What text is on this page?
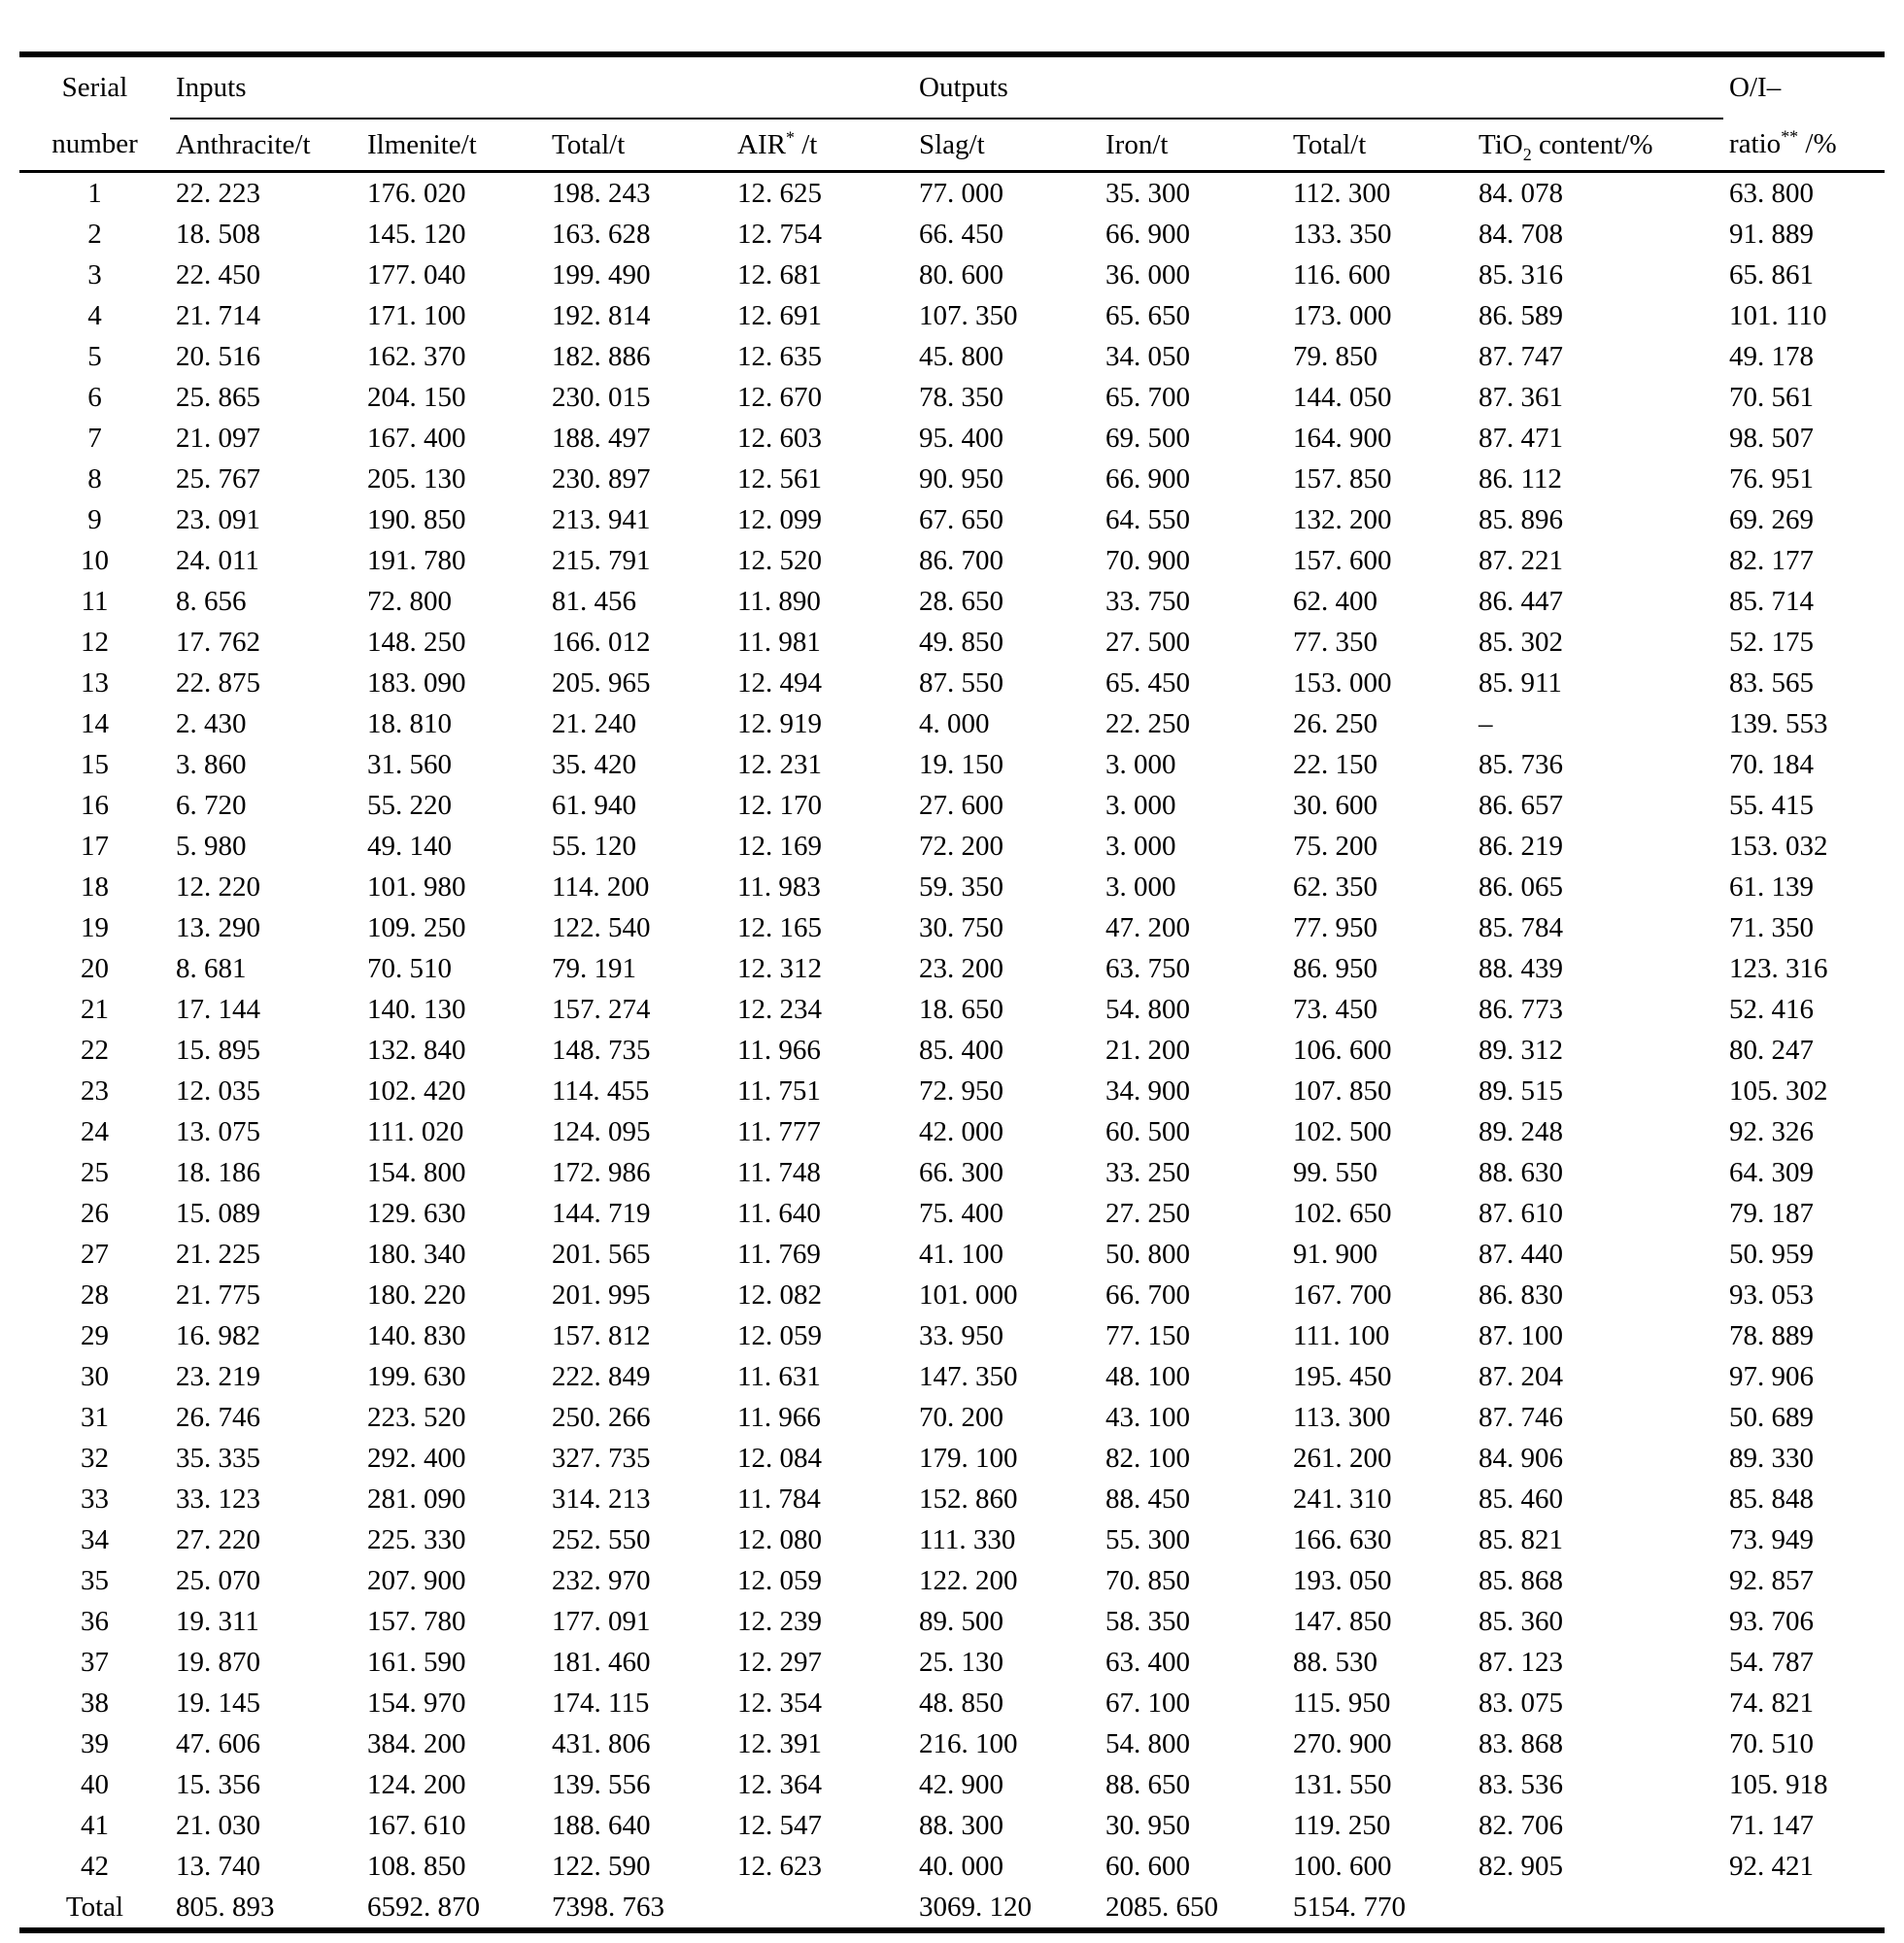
Serial	Inputs				Outputs				O/I–
number	Anthracite/t	Ilmenite/t	Total/t	AIR* /t	Slag/t	Iron/t	Total/t	TiO$_2$ content/%	ratio** /%
1	22. 223	176. 020	198. 243	12. 625	77. 000	35. 300	112. 300	84. 078	63. 800
2	18. 508	145. 120	163. 628	12. 754	66. 450	66. 900	133. 350	84. 708	91. 889
3	22. 450	177. 040	199. 490	12. 681	80. 600	36. 000	116. 600	85. 316	65. 861
4	21. 714	171. 100	192. 814	12. 691	107. 350	65. 650	173. 000	86. 589	101. 110
5	20. 516	162. 370	182. 886	12. 635	45. 800	34. 050	79. 850	87. 747	49. 178
6	25. 865	204. 150	230. 015	12. 670	78. 350	65. 700	144. 050	87. 361	70. 561
7	21. 097	167. 400	188. 497	12. 603	95. 400	69. 500	164. 900	87. 471	98. 507
8	25. 767	205. 130	230. 897	12. 561	90. 950	66. 900	157. 850	86. 112	76. 951
9	23. 091	190. 850	213. 941	12. 099	67. 650	64. 550	132. 200	85. 896	69. 269
10	24. 011	191. 780	215. 791	12. 520	86. 700	70. 900	157. 600	87. 221	82. 177
11	8. 656	72. 800	81. 456	11. 890	28. 650	33. 750	62. 400	86. 447	85. 714
12	17. 762	148. 250	166. 012	11. 981	49. 850	27. 500	77. 350	85. 302	52. 175
13	22. 875	183. 090	205. 965	12. 494	87. 550	65. 450	153. 000	85. 911	83. 565
14	2. 430	18. 810	21. 240	12. 919	4. 000	22. 250	26. 250	–	139. 553
15	3. 860	31. 560	35. 420	12. 231	19. 150	3. 000	22. 150	85. 736	70. 184
16	6. 720	55. 220	61. 940	12. 170	27. 600	3. 000	30. 600	86. 657	55. 415
17	5. 980	49. 140	55. 120	12. 169	72. 200	3. 000	75. 200	86. 219	153. 032
18	12. 220	101. 980	114. 200	11. 983	59. 350	3. 000	62. 350	86. 065	61. 139
19	13. 290	109. 250	122. 540	12. 165	30. 750	47. 200	77. 950	85. 784	71. 350
20	8. 681	70. 510	79. 191	12. 312	23. 200	63. 750	86. 950	88. 439	123. 316
21	17. 144	140. 130	157. 274	12. 234	18. 650	54. 800	73. 450	86. 773	52. 416
22	15. 895	132. 840	148. 735	11. 966	85. 400	21. 200	106. 600	89. 312	80. 247
23	12. 035	102. 420	114. 455	11. 751	72. 950	34. 900	107. 850	89. 515	105. 302
24	13. 075	111. 020	124. 095	11. 777	42. 000	60. 500	102. 500	89. 248	92. 326
25	18. 186	154. 800	172. 986	11. 748	66. 300	33. 250	99. 550	88. 630	64. 309
26	15. 089	129. 630	144. 719	11. 640	75. 400	27. 250	102. 650	87. 610	79. 187
27	21. 225	180. 340	201. 565	11. 769	41. 100	50. 800	91. 900	87. 440	50. 959
28	21. 775	180. 220	201. 995	12. 082	101. 000	66. 700	167. 700	86. 830	93. 053
29	16. 982	140. 830	157. 812	12. 059	33. 950	77. 150	111. 100	87. 100	78. 889
30	23. 219	199. 630	222. 849	11. 631	147. 350	48. 100	195. 450	87. 204	97. 906
31	26. 746	223. 520	250. 266	11. 966	70. 200	43. 100	113. 300	87. 746	50. 689
32	35. 335	292. 400	327. 735	12. 084	179. 100	82. 100	261. 200	84. 906	89. 330
33	33. 123	281. 090	314. 213	11. 784	152. 860	88. 450	241. 310	85. 460	85. 848
34	27. 220	225. 330	252. 550	12. 080	111. 330	55. 300	166. 630	85. 821	73. 949
35	25. 070	207. 900	232. 970	12. 059	122. 200	70. 850	193. 050	85. 868	92. 857
36	19. 311	157. 780	177. 091	12. 239	89. 500	58. 350	147. 850	85. 360	93. 706
37	19. 870	161. 590	181. 460	12. 297	25. 130	63. 400	88. 530	87. 123	54. 787
38	19. 145	154. 970	174. 115	12. 354	48. 850	67. 100	115. 950	83. 075	74. 821
39	47. 606	384. 200	431. 806	12. 391	216. 100	54. 800	270. 900	83. 868	70. 510
40	15. 356	124. 200	139. 556	12. 364	42. 900	88. 650	131. 550	83. 536	105. 918
41	21. 030	167. 610	188. 640	12. 547	88. 300	30. 950	119. 250	82. 706	71. 147
42	13. 740	108. 850	122. 590	12. 623	40. 000	60. 600	100. 600	82. 905	92. 421
Total	805. 893	6592. 870	7398. 763		3069. 120	2085. 650	5154. 770		
